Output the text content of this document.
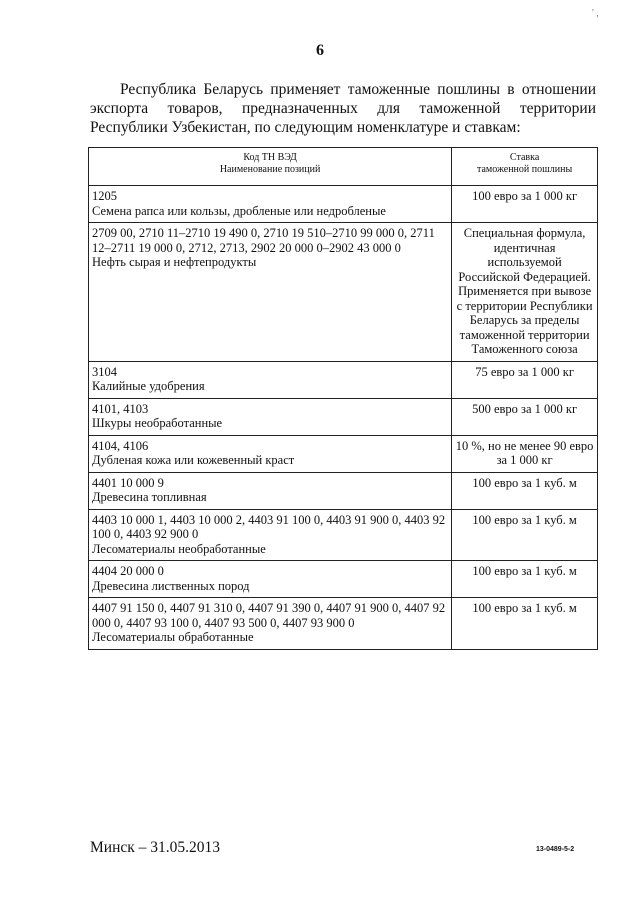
' ,
6

Республика Беларусь применяет таможенные пошлины в отношении экспорта товаров, предназначенных для таможенной территории Республики Узбекистан, по следующим номенклатуре и ставкам:

Код ТН ВЭД
Наименование позиций	Ставка
таможенной пошлины

1205
Семена рапса или кользы, дробленые или недробленые	100 евро за 1 000 кг

2709 00, 2710 11–2710 19 490 0, 2710 19 510–2710 99 000 0, 2711 12–2711 19 000 0, 2712, 2713, 2902 20 000 0–2902 43 000 0
Нефть сырая и нефтепродукты	Специальная формула, идентичная используемой Российской Федерацией. Применяется при вывозе с территории Республики Беларусь за пределы таможенной территории Таможенного союза

3104
Калийные удобрения	75 евро за 1 000 кг

4101, 4103
Шкуры необработанные	500 евро за 1 000 кг

4104, 4106
Дубленая кожа или кожевенный краст	10 %, но не менее 90 евро за 1 000 кг

4401 10 000 9
Древесина топливная	100 евро за 1 куб. м

4403 10 000 1, 4403 10 000 2, 4403 91 100 0, 4403 91 900 0, 4403 92 100 0, 4403 92 900 0
Лесоматериалы необработанные	100 евро за 1 куб. м

4404 20 000 0
Древесина лиственных пород	100 евро за 1 куб. м

4407 91 150 0, 4407 91 310 0, 4407 91 390 0, 4407 91 900 0, 4407 92 000 0, 4407 93 100 0, 4407 93 500 0, 4407 93 900 0
Лесоматериалы обработанные	100 евро за 1 куб. м
Минск – 31.05.2013	13-0489-5-2
